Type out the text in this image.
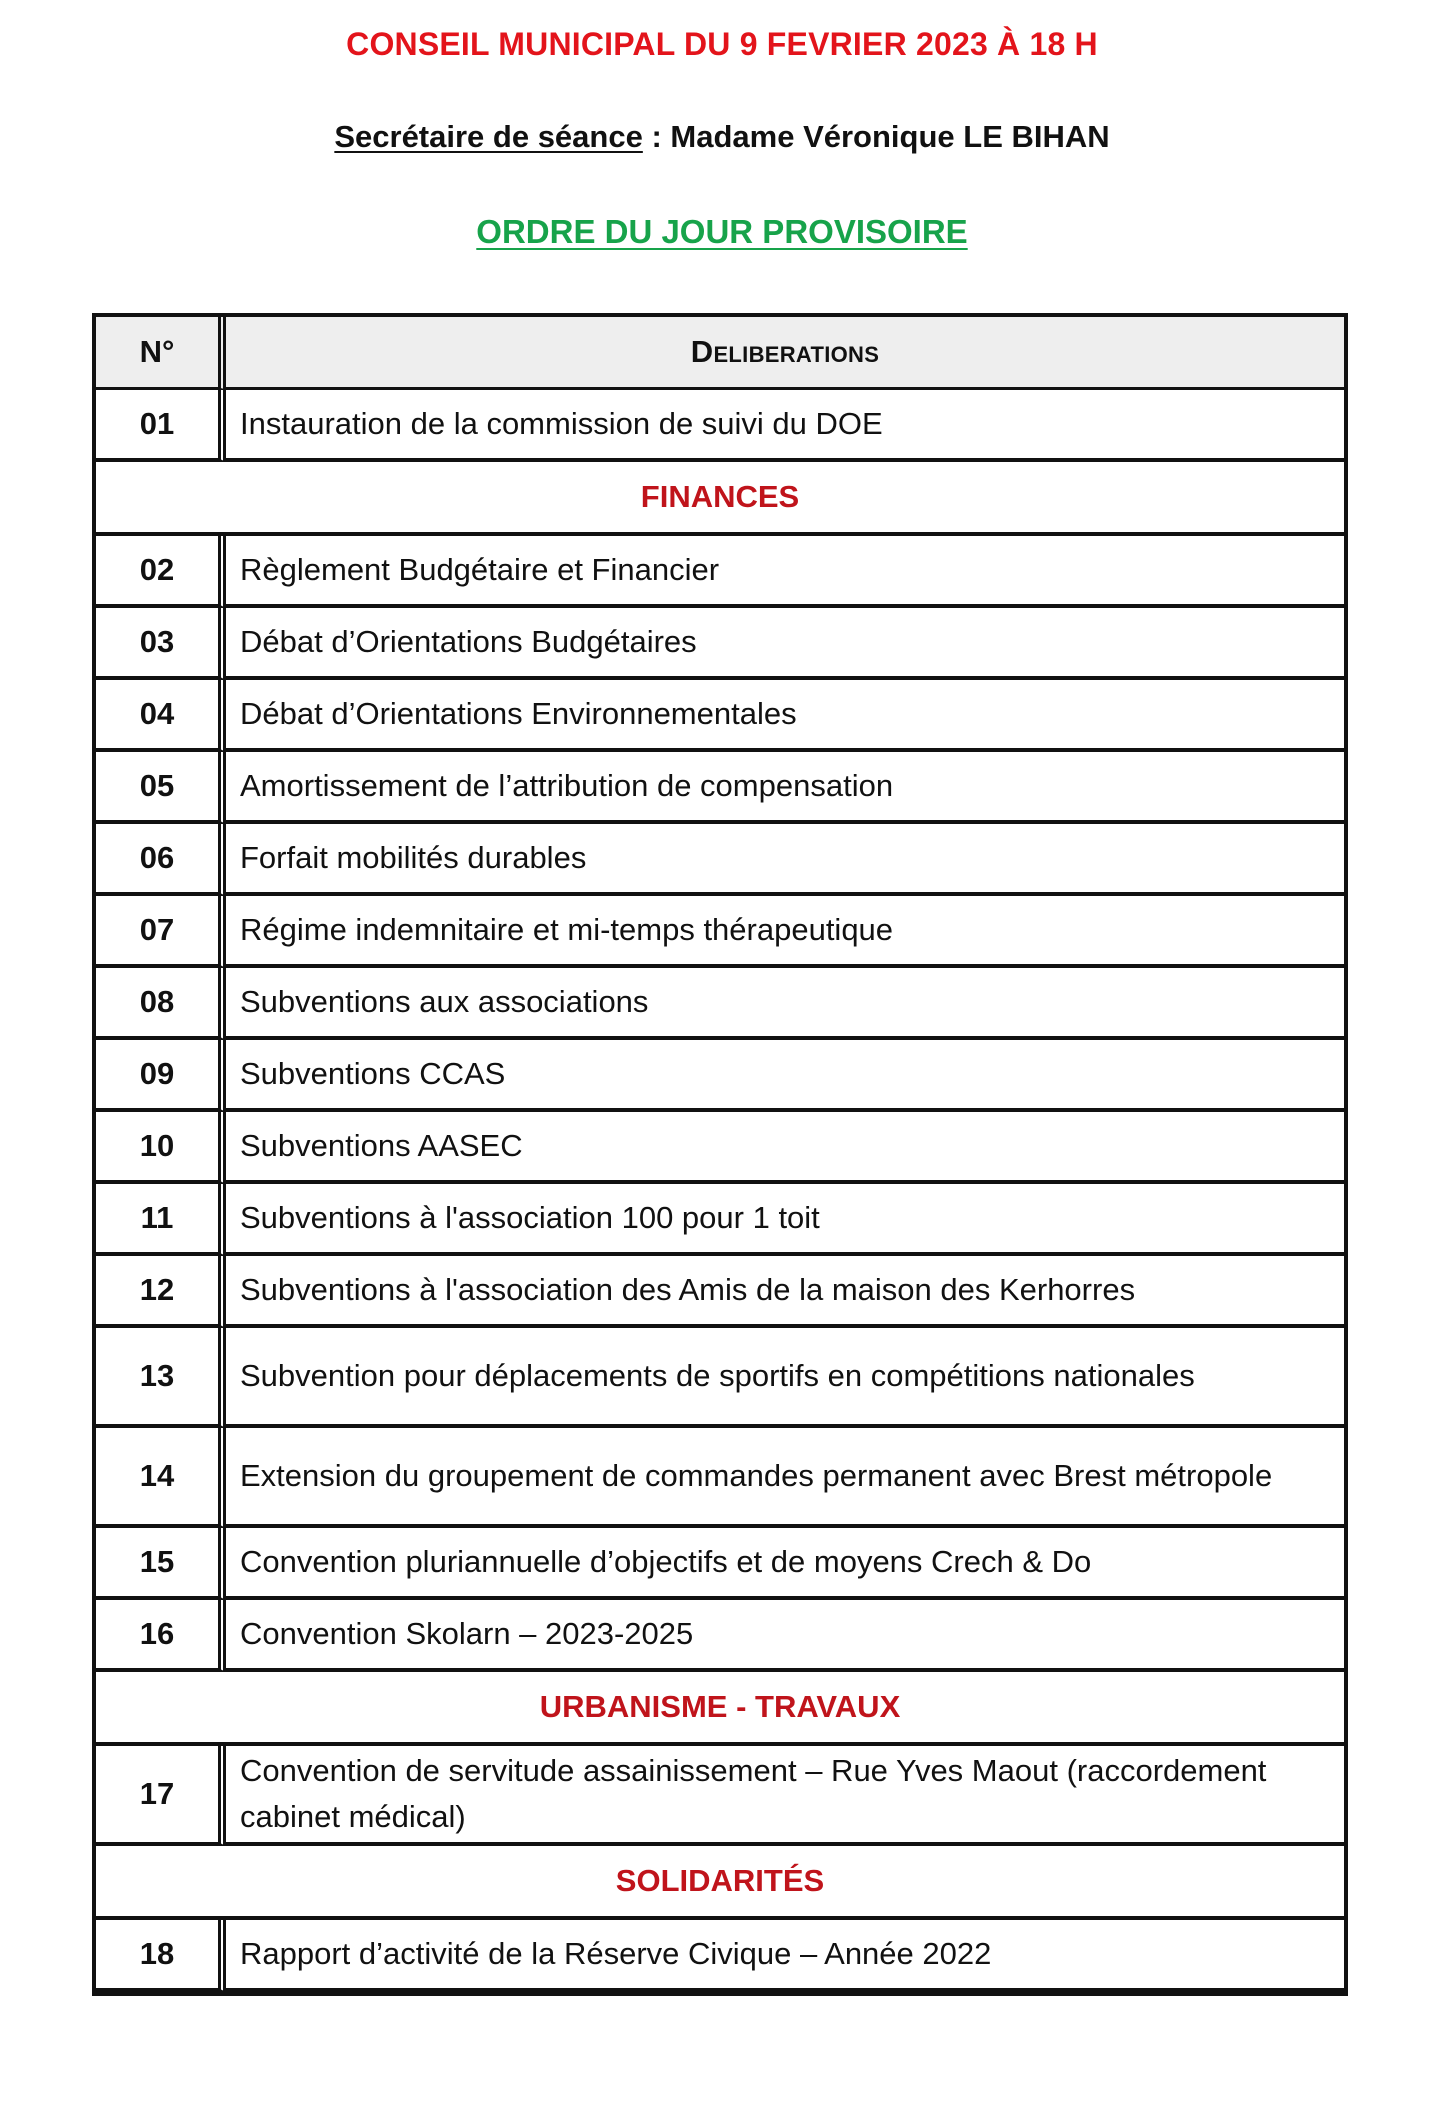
CONSEIL MUNICIPAL DU 9 FEVRIER 2023 À 18 H
Secrétaire de séance : Madame Véronique LE BIHAN
ORDRE DU JOUR PROVISOIRE
N°	Deliberations
01	Instauration de la commission de suivi du DOE
FINANCES	
02	Règlement Budgétaire et Financier
03	Débat d’Orientations Budgétaires
04	Débat d’Orientations Environnementales
05	Amortissement de l’attribution de compensation
06	Forfait mobilités durables
07	Régime indemnitaire et mi-temps thérapeutique
08	Subventions aux associations
09	Subventions CCAS
10	Subventions AASEC
11	Subventions à l'association 100 pour 1 toit
12	Subventions à l'association des Amis de la maison des Kerhorres
13	Subvention pour déplacements de sportifs en compétitions nationales
14	Extension du groupement de commandes permanent avec Brest métropole
15	Convention pluriannuelle d’objectifs et de moyens Crech & Do
16	Convention Skolarn – 2023-2025
URBANISME - TRAVAUX	
17	Convention de servitude assainissement – Rue Yves Maout (raccordement cabinet médical)
SOLIDARITÉS	
18	Rapport d’activité de la Réserve Civique – Année 2022
